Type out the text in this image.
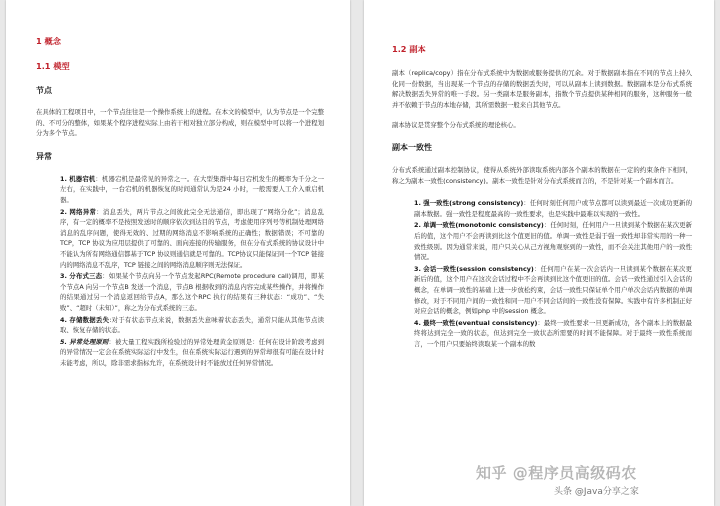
1 概念
1.1 模型
节点

在具体的工程项目中，一个节点往往是一个操作系统上的进程。在本文的模型中，认为节点是一个完整的、不可分的整体，如果某个程序进程实际上由若干相对独立部分构成，则在模型中可以将一个进程划分为多个节点。

异常
1. 机器宕机：机器宕机是最常见的异常之一。在大型集群中每日宕机发生的概率为千分之一左右，在实践中，一台宕机的机器恢复的时间通常认为是24 小时，一般需要人工介入重启机器。
2. 网络异常：消息丢失，两片节点之间彼此完全无法通信，即出现了“网络分化”；消息乱序，有一定的概率不是按照发送时的顺序依次到达目的节点，考虑使用序列号等机制处理网络消息的乱序问题，使得无效的、过期的网络消息不影响系统的正确性；数据错误；不可靠的TCP，TCP 协议为应用层提供了可靠的、面向连接的传输服务，但在分布式系统的协议设计中不能认为所有网络通信都基于TCP 协议则通信就是可靠的。TCP协议只能保证同一个TCP 链接内的网络消息不乱序，TCP 链接之间的网络消息顺序则无法保证。
3. 分布式三态：如果某个节点向另一个节点发起RPC(Remote procedure call)调用，即某个节点A 向另一个节点B 发送一个消息，节点B 根据收到的消息内容完成某些操作，并将操作的结果通过另一个消息返回给节点A，那么这个RPC 执行的结果有三种状态：“成功”、“失败”、“超时（未知）”，称之为分布式系统的三态。
4. 存储数据丢失:对于有状态节点来说，数据丢失意味着状态丢失，通常只能从其他节点读取、恢复存储的状态。
5. 异常处理原则：被大量工程实践所检验过的异常处理黄金原则是：任何在设计阶段考虑到的异常情况一定会在系统实际运行中发生，但在系统实际运行遇到的异常却很有可能在设计时未能考虑，所以，除非需求指标允许，在系统设计时不能放过任何异常情况。
1.2 副本

副本（replica/copy）指在分布式系统中为数据或服务提供的冗余。对于数据副本指在不同的节点上持久化同一份数据，当出现某一个节点的存储的数据丢失时，可以从副本上读到数据。数据副本是分布式系统解决数据丢失异常的唯一手段。另一类副本是服务副本，指数个节点提供某种相同的服务，这种服务一般并不依赖于节点的本地存储，其所需数据一般来自其他节点。

副本协议是贯穿整个分布式系统的理论核心。

副本一致性

分布式系统通过副本控制协议，使得从系统外部读取系统内部各个副本的数据在一定的约束条件下相同，称之为副本一致性(consistency)。副本一致性是针对分布式系统而言的，不是针对某一个副本而言。

1. 强一致性(strong consistency)：任何时刻任何用户或节点都可以读到最近一次成功更新的副本数据。强一致性是程度最高的一致性要求，也是实践中最难以实现的一致性。
2. 单调一致性(monotonic consistency)：任何时刻，任何用户一旦读到某个数据在某次更新后的值，这个用户不会再读到比这个值更旧的值。单调一致性是弱于强一致性却非常实用的一种一致性级别。因为通常来说，用户只关心从己方视角观察到的一致性，而不会关注其他用户的一致性情况。
3. 会话一致性(session consistency)：任何用户在某一次会话内一旦读到某个数据在某次更新后的值，这个用户在这次会话过程中不会再读到比这个值更旧的值。会话一致性通过引入会话的概念，在单调一致性的基础上进一步放松约束，会话一致性只保证单个用户单次会话内数据的单调修改，对于不同用户间的一致性和同一用户不同会话间的一致性没有保障。实践中有许多机制正好对应会话的概念，例如php 中的session 概念。
4. 最终一致性(eventual consistency)：最终一致性要求一旦更新成功，各个副本上的数据最终将达到完全一致的状态，但达到完全一致状态所需要的时间不能保障。对于最终一致性系统而言，一个用户只要始终读取某一个副本的数
知乎 @程序员高级码农
头条 @Java分享之家
